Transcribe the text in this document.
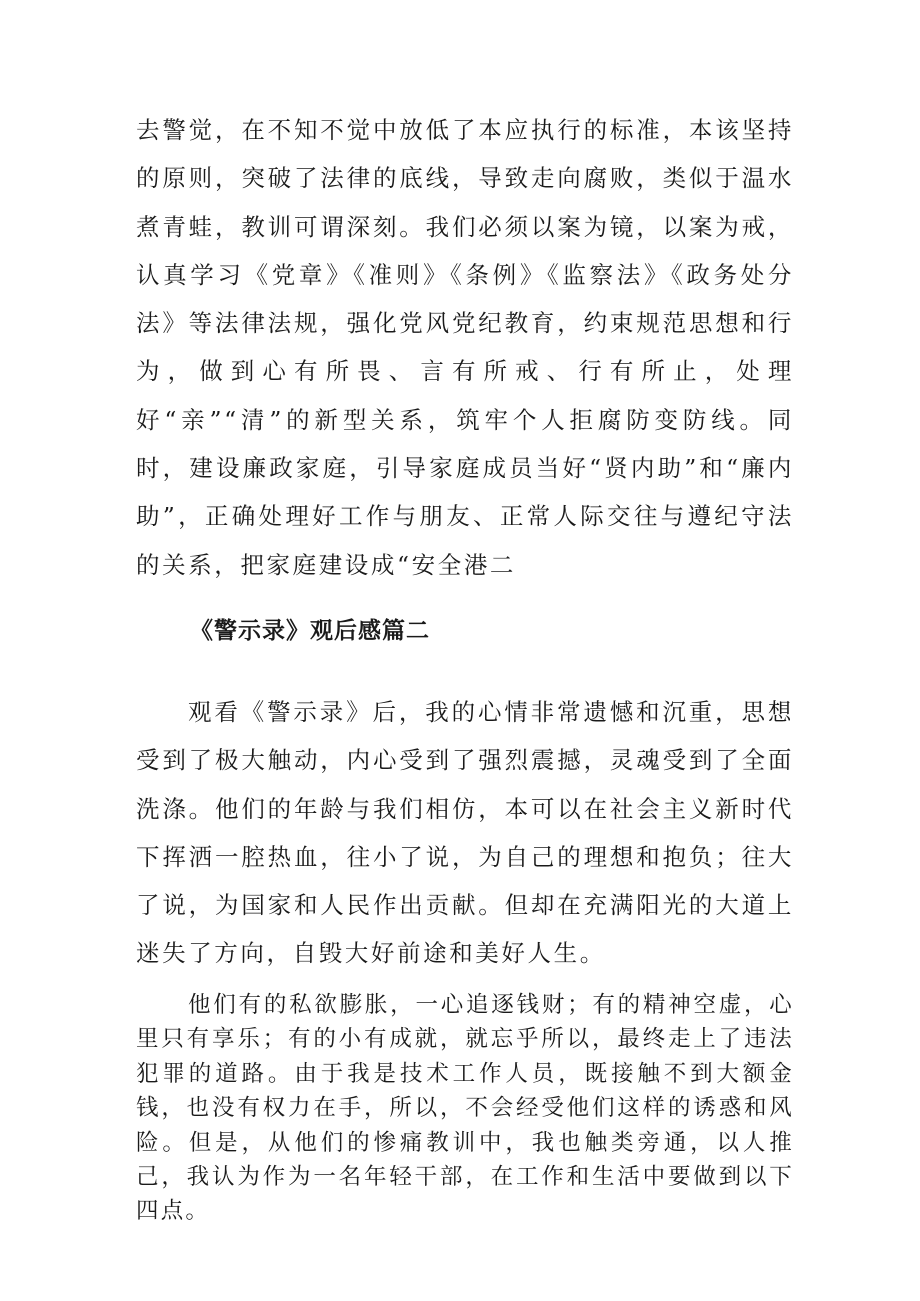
去警觉，在不知不觉中放低了本应执行的标准，本该坚持的原则，突破了法律的底线，导致走向腐败，类似于温水煮青蛙，教训可谓深刻。我们必须以案为镜，以案为戒，认真学习《党章》《准则》《条例》《监察法》《政务处分法》等法律法规，强化党风党纪教育，约束规范思想和行为，做到心有所畏、言有所戒、行有所止，处理好“亲”“清”的新型关系，筑牢个人拒腐防变防线。同时，建设廉政家庭，引导家庭成员当好“贤内助”和“廉内助”，正确处理好工作与朋友、正常人际交往与遵纪守法的关系，把家庭建设成“安全港二

《警示录》观后感篇二

观看《警示录》后，我的心情非常遗憾和沉重，思想受到了极大触动，内心受到了强烈震撼，灵魂受到了全面洗涤。他们的年龄与我们相仿，本可以在社会主义新时代下挥洒一腔热血，往小了说，为自己的理想和抱负；往大了说，为国家和人民作出贡献。但却在充满阳光的大道上迷失了方向，自毁大好前途和美好人生。

他们有的私欲膨胀，一心追逐钱财；有的精神空虚，心里只有享乐；有的小有成就，就忘乎所以，最终走上了违法犯罪的道路。由于我是技术工作人员，既接触不到大额金钱，也没有权力在手，所以，不会经受他们这样的诱惑和风险。但是，从他们的惨痛教训中，我也触类旁通，以人推己，我认为作为一名年轻干部，在工作和生活中要做到以下四点。
